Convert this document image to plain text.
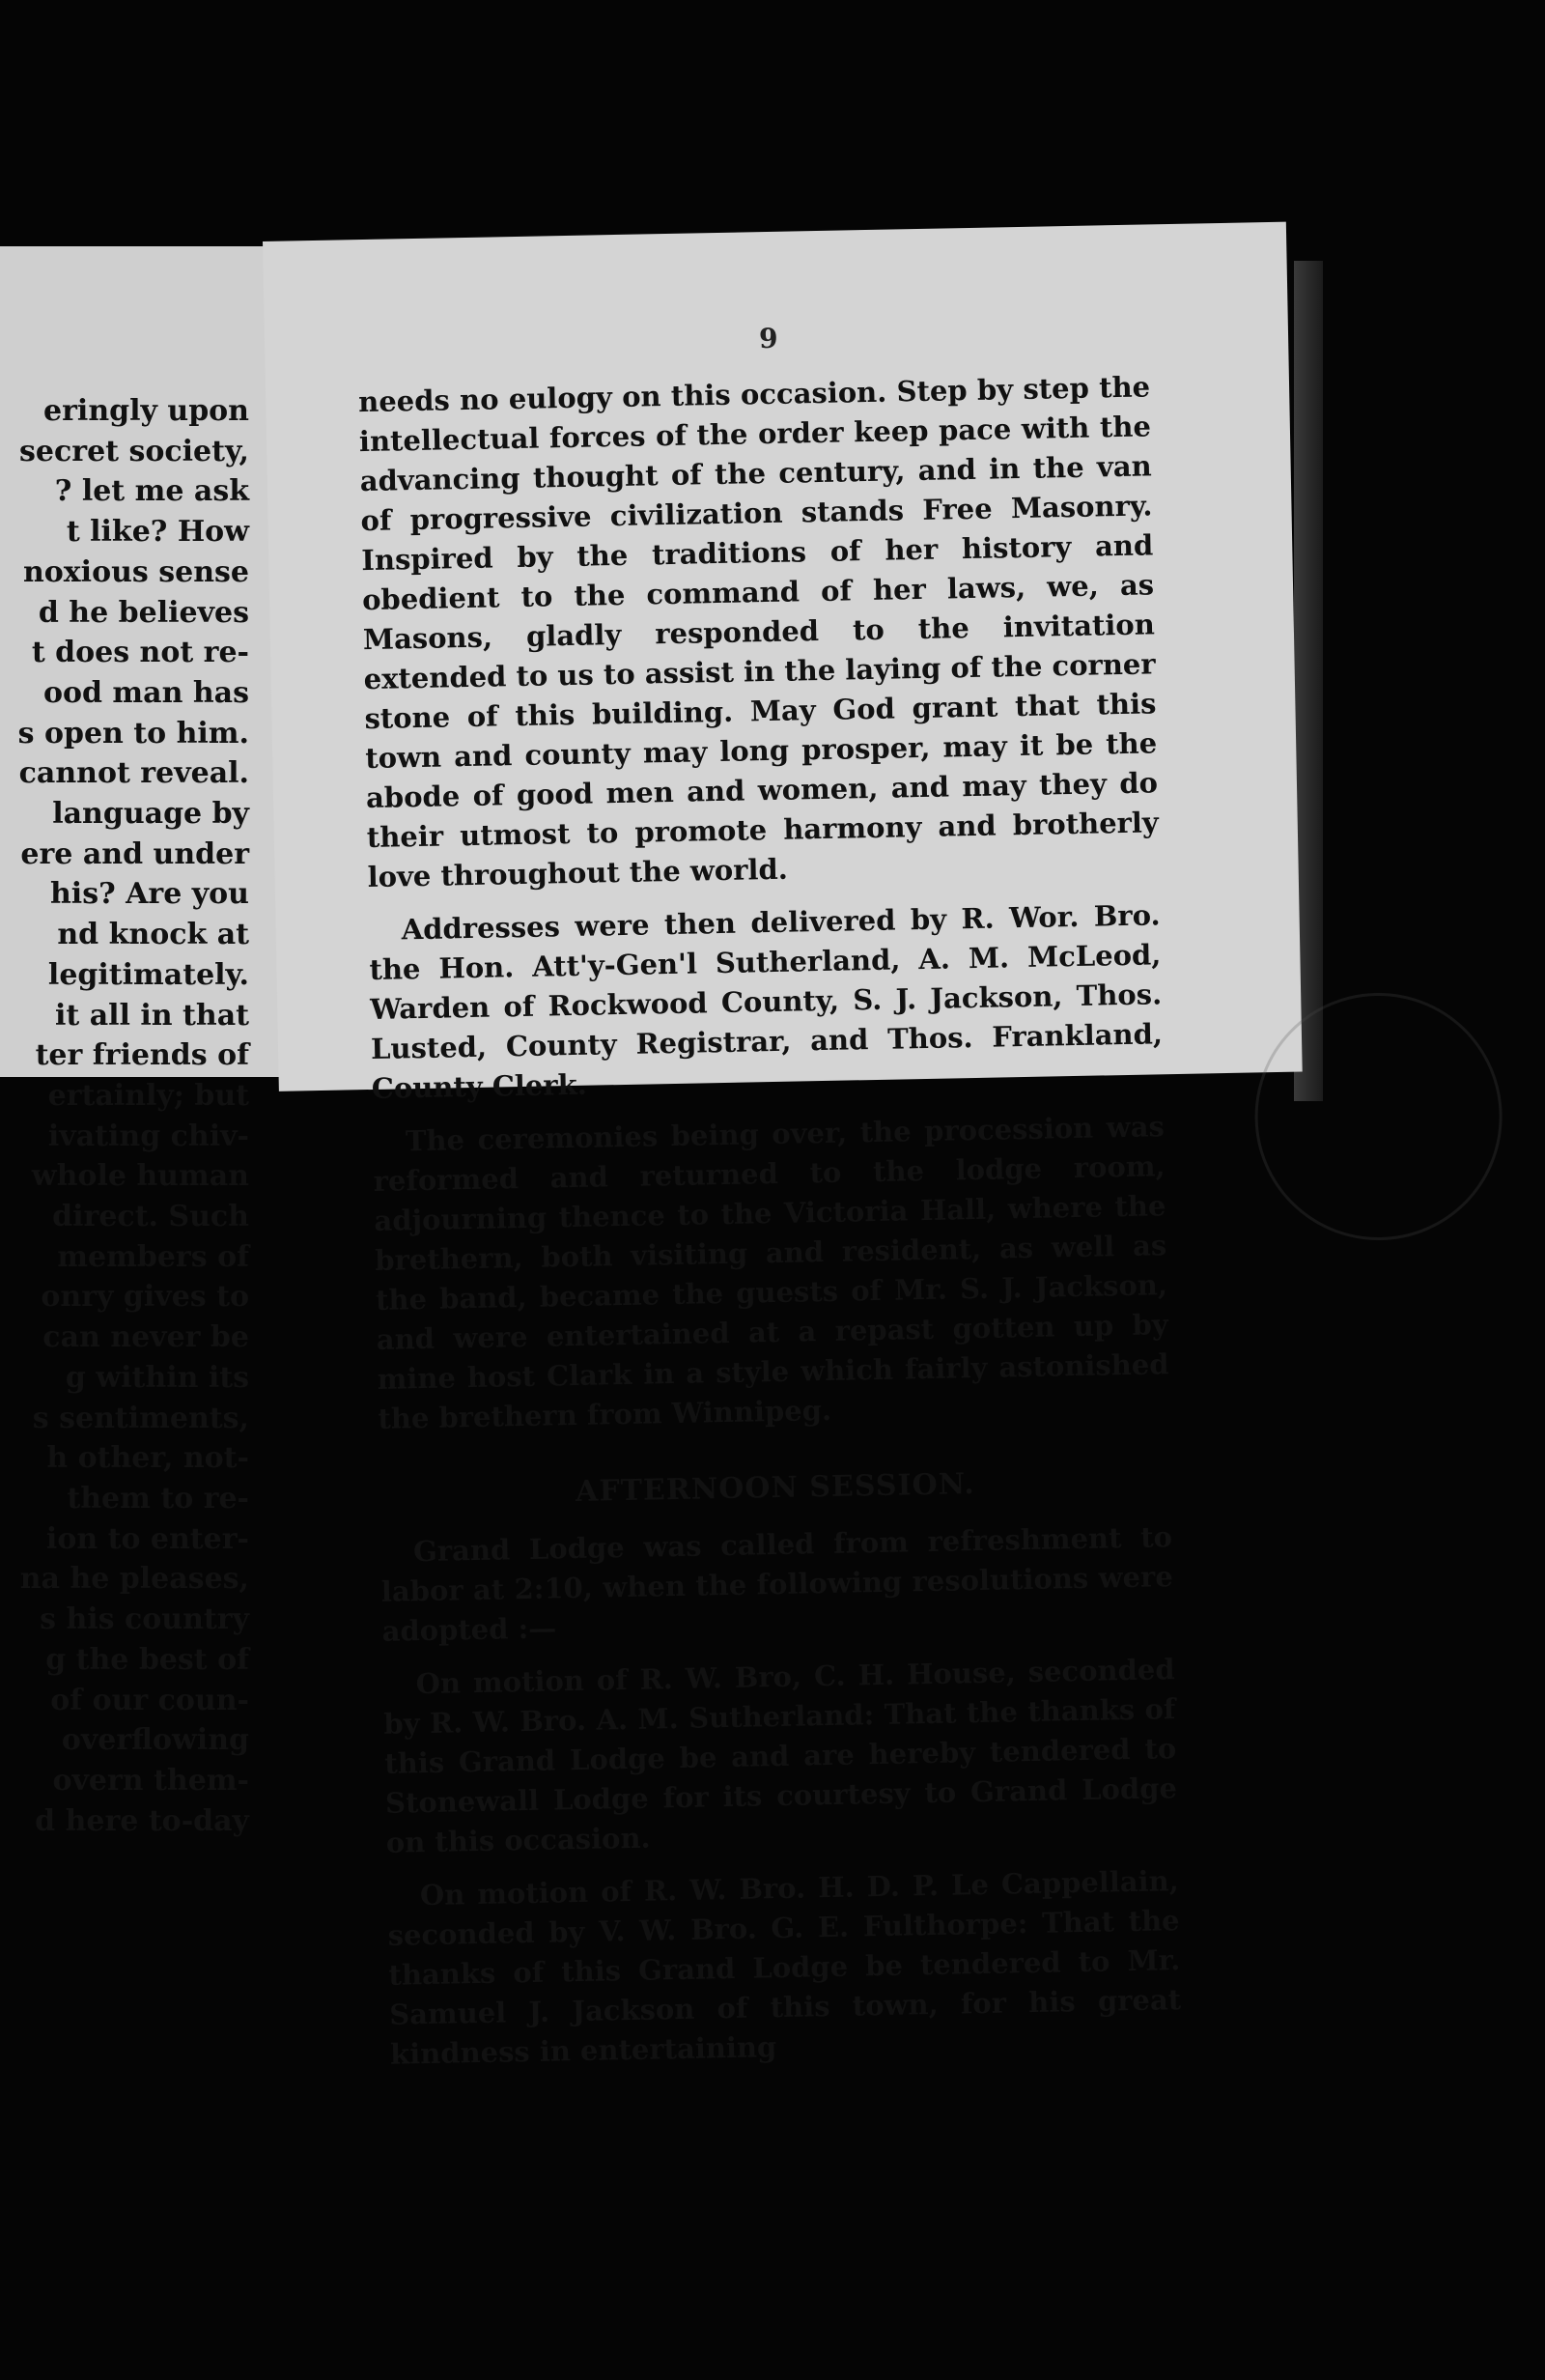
eringly upon
secret society,
? let me ask
t like? How
noxious sense
d he believes
t does not re-
ood man has
s open to him.
cannot reveal.
language by
ere and under
his? Are you
nd knock at
legitimately.
it all in that
ter friends of
ertainly; but
ivating chiv-
whole human
direct. Such
members of
onry gives to
can never be
g within its
s sentiments,
h other, not-
them to re-
ion to enter-
na he pleases,
s his country
g the best of
of our coun-
overflowing
overn them-
d here to-day
9

needs no eulogy on this occasion. Step by step the intellectual forces of the order keep pace with the advancing thought of the century, and in the van of progressive civilization stands Free Masonry. Inspired by the traditions of her history and obedient to the command of her laws, we, as Masons, gladly responded to the invitation extended to us to assist in the laying of the corner stone of this building. May God grant that this town and county may long prosper, may it be the abode of good men and women, and may they do their utmost to promote harmony and brotherly love throughout the world.

Addresses were then delivered by R. Wor. Bro. the Hon. Att'y-Gen'l Sutherland, A. M. McLeod, Warden of Rockwood County, S. J. Jackson, Thos. Lusted, County Registrar, and Thos. Frankland, County Clerk.

The ceremonies being over, the procession was reformed and returned to the lodge room, adjourning thence to the Victoria Hall, where the brethern, both visiting and resident, as well as the band, became the guests of Mr. S. J. Jackson, and were entertained at a repast gotten up by mine host Clark in a style which fairly astonished the brethern from Winnipeg.

AFTERNOON SESSION.

Grand Lodge was called from refreshment to labor at 2:10, when the following resolutions were adopted :—

On motion of R. W. Bro, C. H. House, seconded by R. W. Bro. A. M. Sutherland: That the thanks of this Grand Lodge be and are hereby tendered to Stonewall Lodge for its courtesy to Grand Lodge on this occasion.

On motion of R. W. Bro. H. D. P. Le Cappellain, seconded by V. W. Bro. G. E. Fulthorpe: That the thanks of this Grand Lodge be tendered to Mr. Samuel J. Jackson of this town, for his great kindness in entertaining
